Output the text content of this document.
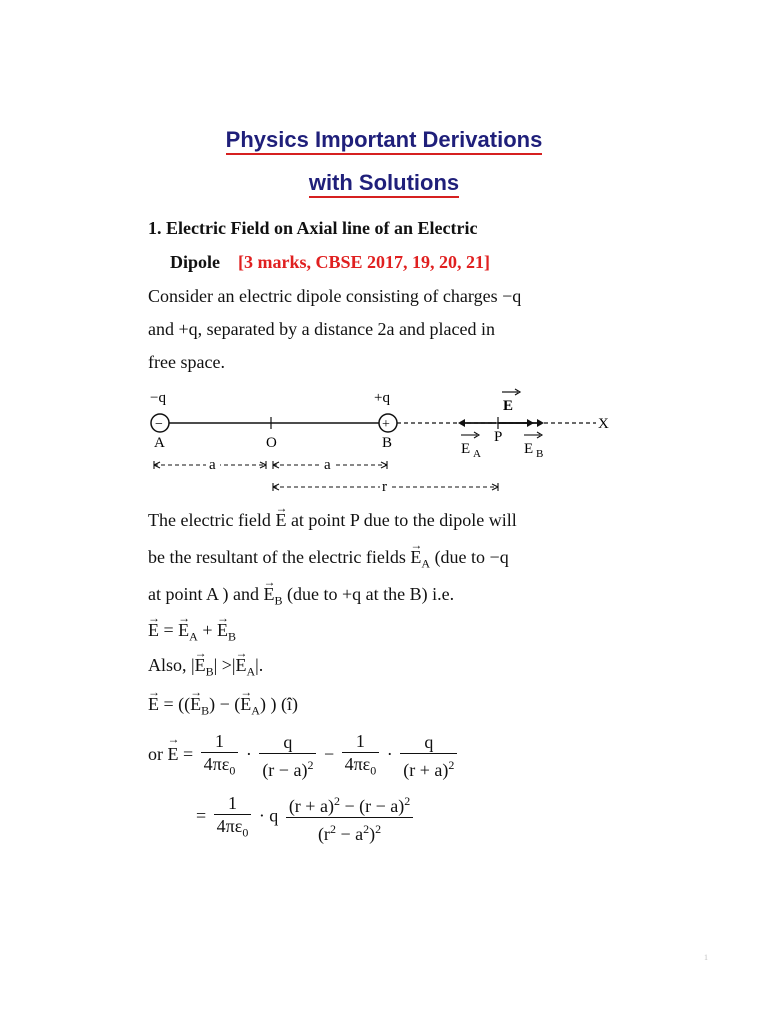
Physics Important Derivations
with Solutions
1. Electric Field on Axial line of an Electric
Dipole [3 marks, CBSE 2017, 19, 20, 21]
Consider an electric dipole consisting of charges −q
and +q, separated by a distance 2a and placed in
free space.
−q	+q
−	+	X
E
A	O	B	P
E A	E B
a	a
r
The electric field → E at point P due to the dipole will
be the resultant of the electric fields → $E_A$ (due to −q
at point A ) and → $E_B$ (due to +q at the B) i.e.
→ E = → $E_A$ + → $E_B$
Also, |→ $E_B|$ >|→ $E_A|$.
→ E = ((→ $E_B$) − (→ $E_A$) ) (î)
or → $E = \frac{1}{4\pi\varepsilon_0} \cdot \frac{q}{(r - a)^2} - \frac{1}{4\pi\varepsilon_0} \cdot \frac{q}{(r + a)^2}$
= $\frac{1}{4\pi\varepsilon_0} \cdot q \frac{(r + a)^2 - (r - a)^2}{(r^2 - a^2)^2}$
1
